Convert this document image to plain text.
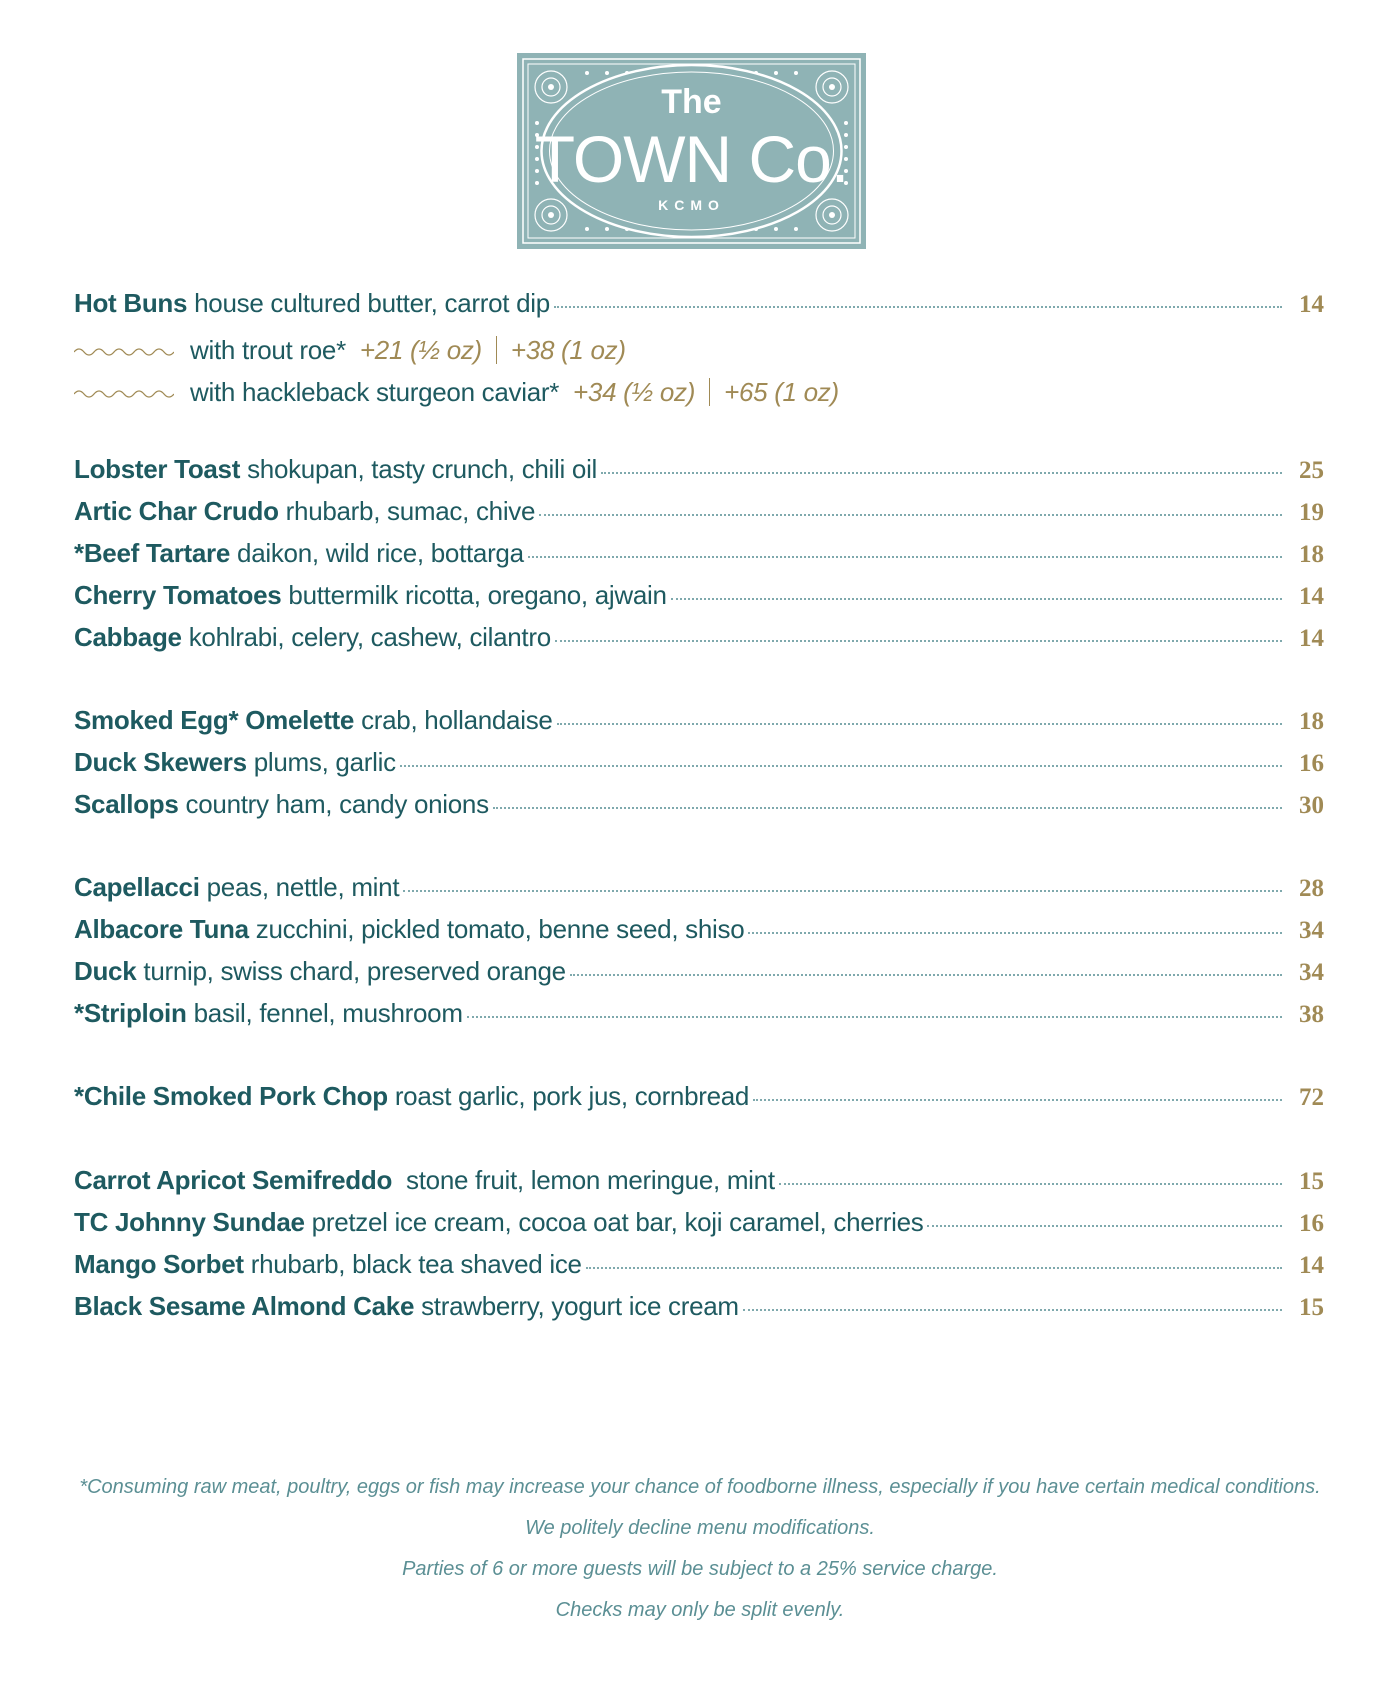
The
TOWN Co.
KCMO
Hot Buns house cultured butter, carrot dip	14
with trout roe* +21 (½ oz) +38 (1 oz)
with hackleback sturgeon caviar* +34 (½ oz) +65 (1 oz)
Lobster Toast shokupan, tasty crunch, chili oil	25
Artic Char Crudo rhubarb, sumac, chive	19
*Beef Tartare daikon, wild rice, bottarga	18
Cherry Tomatoes buttermilk ricotta, oregano, ajwain	14
Cabbage kohlrabi, celery, cashew, cilantro	14
Smoked Egg* Omelette crab, hollandaise	18
Duck Skewers plums, garlic	16
Scallops country ham, candy onions	30
Capellacci peas, nettle, mint	28
Albacore Tuna zucchini, pickled tomato, benne seed, shiso	34
Duck turnip, swiss chard, preserved orange	34
*Striploin basil, fennel, mushroom	38
*Chile Smoked Pork Chop roast garlic, pork jus, cornbread	72
Carrot Apricot Semifreddo stone fruit, lemon meringue, mint	15
TC Johnny Sundae pretzel ice cream, cocoa oat bar, koji caramel, cherries	16
Mango Sorbet rhubarb, black tea shaved ice	14
Black Sesame Almond Cake strawberry, yogurt ice cream	15
*Consuming raw meat, poultry, eggs or fish may increase your chance of foodborne illness, especially if you have certain medical conditions.
We politely decline menu modifications.
Parties of 6 or more guests will be subject to a 25% service charge.
Checks may only be split evenly.
